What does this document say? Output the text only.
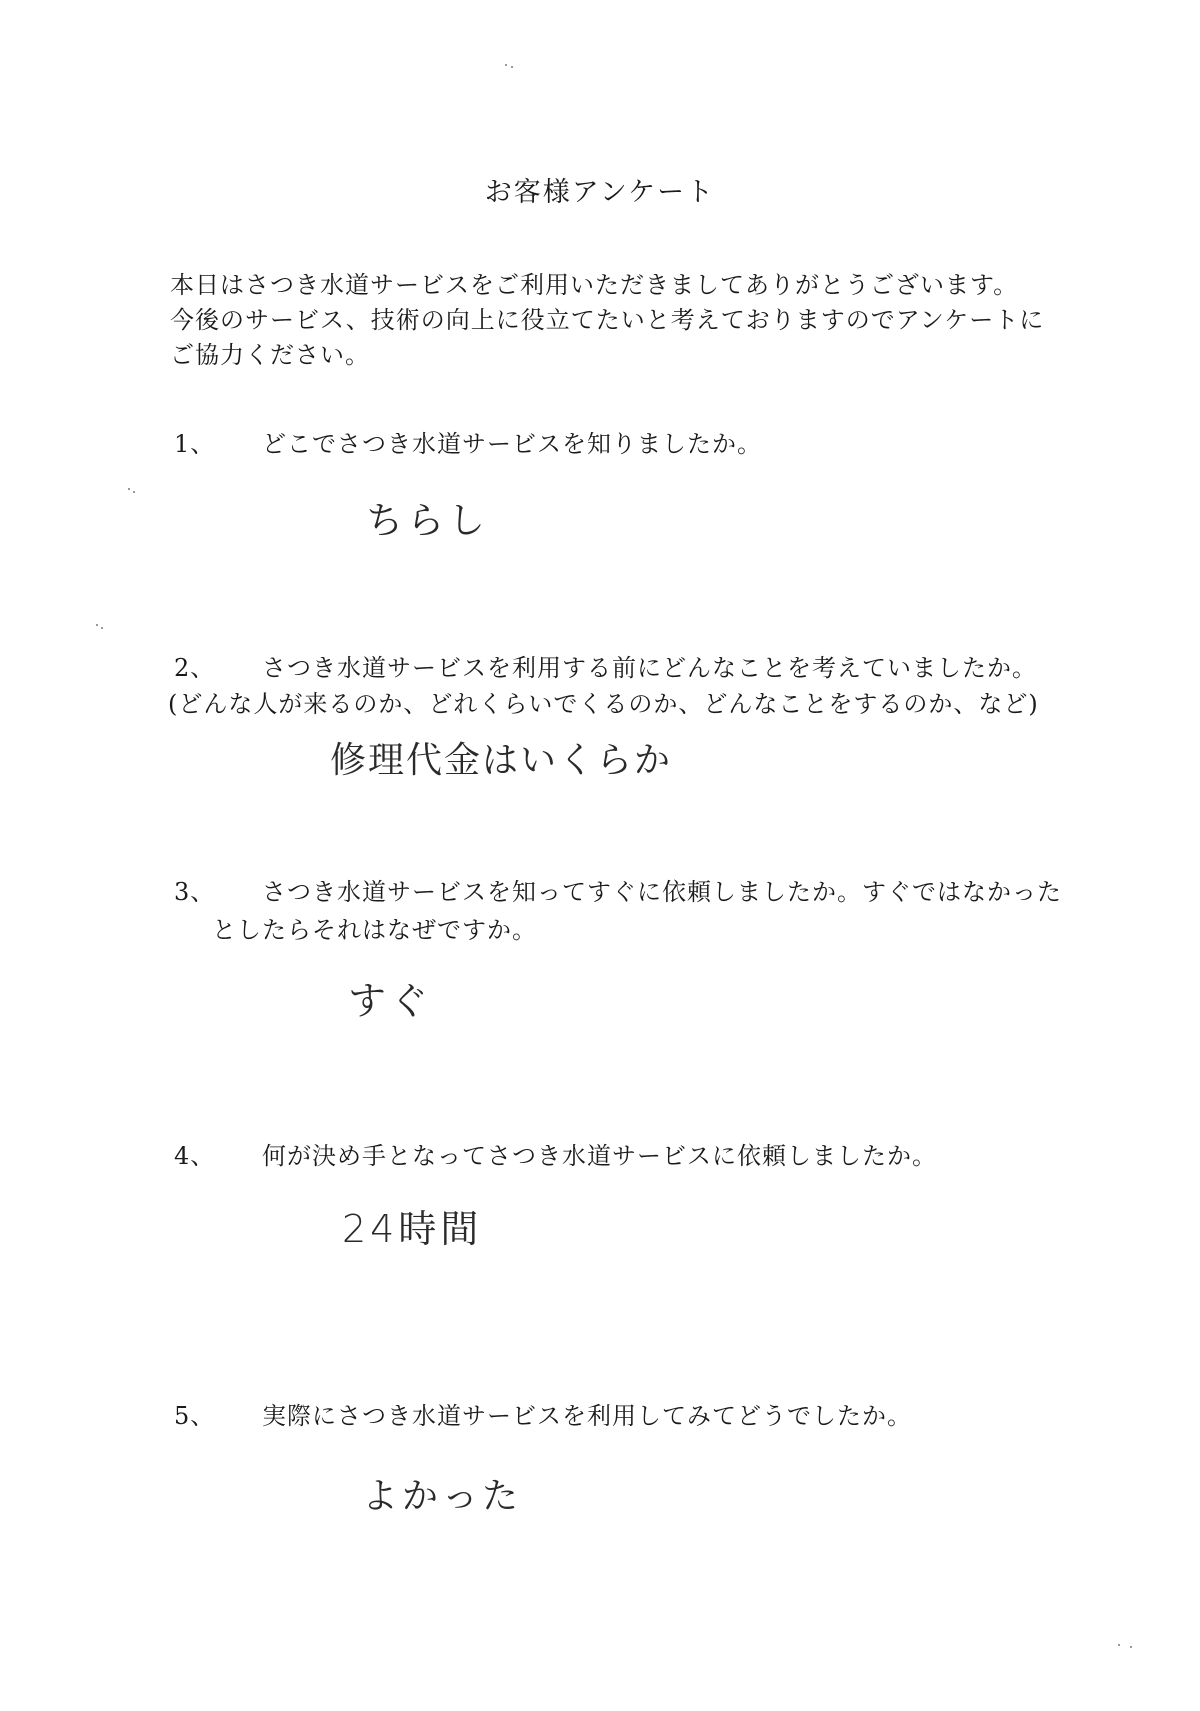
お客様アンケート
本日はさつき水道サービスをご利用いただきましてありがとうございます。
今後のサービス、技術の向上に役立てたいと考えておりますのでアンケートに
ご協力ください。
1、 どこでさつき水道サービスを知りましたか。
ちらし
2、 さつき水道サービスを利用する前にどんなことを考えていましたか。
(どんな人が来るのか、どれくらいでくるのか、どんなことをするのか、など)
修理代金はいくらか
3、 さつき水道サービスを知ってすぐに依頼しましたか。すぐではなかった
としたらそれはなぜですか。
すぐ
4、 何が決め手となってさつき水道サービスに依頼しましたか。
24時間
5、 実際にさつき水道サービスを利用してみてどうでしたか。
よかった
